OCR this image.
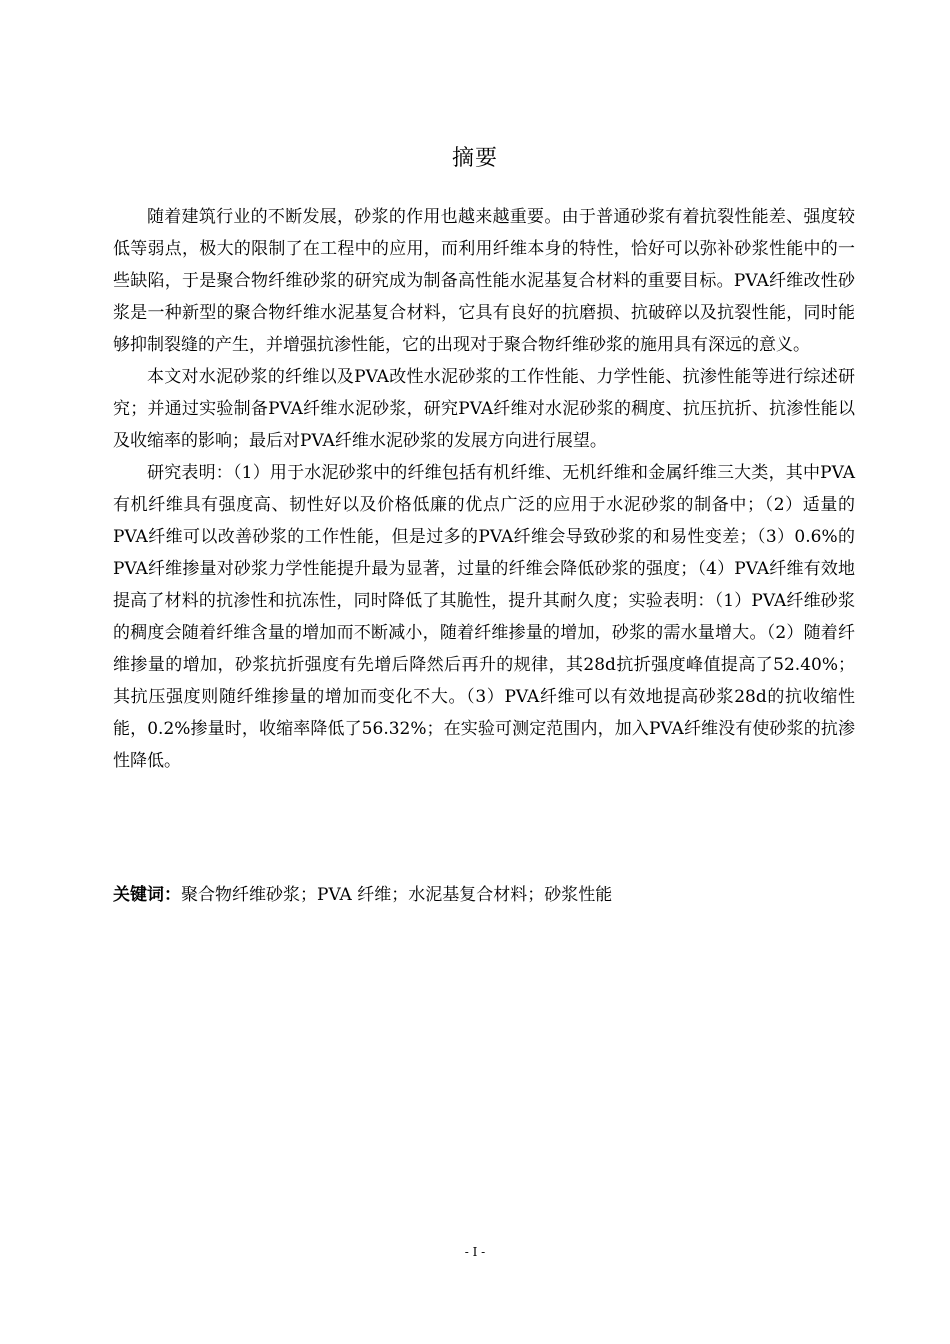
摘要

随着建筑行业的不断发展，砂浆的作用也越来越重要。由于普通砂浆有着抗裂性能差、强度较低等弱点，极大的限制了在工程中的应用，而利用纤维本身的特性，恰好可以弥补砂浆性能中的一些缺陷，于是聚合物纤维砂浆的研究成为制备高性能水泥基复合材料的重要目标。PVA纤维改性砂浆是一种新型的聚合物纤维水泥基复合材料，它具有良好的抗磨损、抗破碎以及抗裂性能，同时能够抑制裂缝的产生，并增强抗渗性能，它的出现对于聚合物纤维砂浆的施用具有深远的意义。

本文对水泥砂浆的纤维以及PVA改性水泥砂浆的工作性能、力学性能、抗渗性能等进行综述研究；并通过实验制备PVA纤维水泥砂浆，研究PVA纤维对水泥砂浆的稠度、抗压抗折、抗渗性能以及收缩率的影响；最后对PVA纤维水泥砂浆的发展方向进行展望。

研究表明：（1）用于水泥砂浆中的纤维包括有机纤维、无机纤维和金属纤维三大类，其中PVA有机纤维具有强度高、韧性好以及价格低廉的优点广泛的应用于水泥砂浆的制备中；（2）适量的PVA纤维可以改善砂浆的工作性能，但是过多的PVA纤维会导致砂浆的和易性变差；（3）0.6%的PVA纤维掺量对砂浆力学性能提升最为显著，过量的纤维会降低砂浆的强度；（4）PVA纤维有效地提高了材料的抗渗性和抗冻性，同时降低了其脆性，提升其耐久度；实验表明：（1）PVA纤维砂浆的稠度会随着纤维含量的增加而不断减小，随着纤维掺量的增加，砂浆的需水量增大。（2）随着纤维掺量的增加，砂浆抗折强度有先增后降然后再升的规律，其28d抗折强度峰值提高了52.40%；其抗压强度则随纤维掺量的增加而变化不大。（3）PVA纤维可以有效地提高砂浆28d的抗收缩性能，0.2%掺量时，收缩率降低了56.32%；在实验可测定范围内，加入PVA纤维没有使砂浆的抗渗性降低。

关键词：聚合物纤维砂浆；PVA 纤维；水泥基复合材料；砂浆性能
- I -
